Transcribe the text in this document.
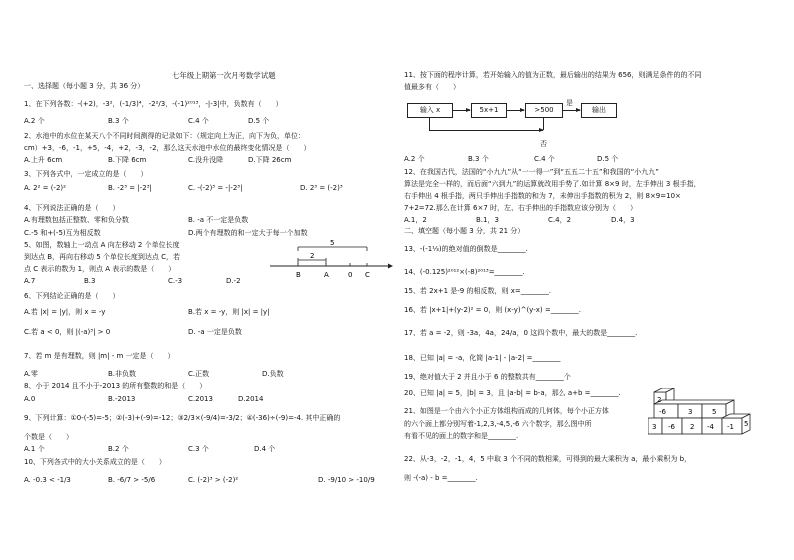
七年级上期第一次月考数学试题
一、选择题（每小题 3 分，共 36 分）
1、在下列各数：-(+2)，-3²，(-1/3)⁴，-2²/3，-(-1)²⁰¹³，-|-3|中，负数有（　　）
A.2 个	B.3 个	C.4 个	D.5 个
2、水池中的水位在某天八个不同时间测得的记录如下：（规定向上为正，向下为负，单位：
cm）+3，-6，-1，+5，-4，+2，-3，-2，那么这天水池中水位的最终变化情况是（　　）
A.上升 6cm	B.下降 6cm	C.没升没降	D.下降 26cm
3、下列各式中，一定成立的是（　　）
A. 2² = (-2)²	B. -2³ = |-2³|	C. -(-2)³ = -|-2³|	D. 2³ = (-2)³
4、下列说法正确的是（　　）
A.有理数包括正整数、零和负分数	B. -a 不一定是负数
C.-5 和+(-5)互为相反数	D.两个有理数的和一定大于每一个加数
5、如图，数轴上一动点 A 向左移动 2 个单位长度
到达点 B，再向右移动 5 个单位长度到达点 C，若
点 C 表示的数为 1，则点 A 表示的数是（　　）
A.7	B.3	C.-3	D.-2
5
2
B	A	0 C
6、下列结论正确的是（　　）
A.若 |x| = |y|，则 x = -y	B.若 x = -y，则 |x| = |y|
C.若 a < 0，则 |(-a)³| > 0	D. -a 一定是负数
7、若 m 是有理数，则 |m| - m 一定是（　　）
A.零	B.非负数	C.正数	D.负数
8、小于 2014 且不小于-2013 的所有整数的和是（　　）
A.0	B.-2013	C.2013	D.2014
9、下列计算：①0-(-5)=-5；②(-3)+(-9)=-12；③2/3×(-9/4)=-3/2；④(-36)÷(-9)=-4. 其中正确的
个数是（　　）
A.1 个	B.2 个	C.3 个	D.4 个
10、下列各式中的大小关系成立的是（　　）
A. -0.3 < -1/3	B. -6/7 > -5/6	C. (-2)³ > (-2)²	D. -9/10 > -10/9
11、按下面的程序计算，若开始输入的值为正数，最后输出的结果为 656，则满足条件的的不同
值最多有（　　）
输入 x	5x+1	>500
是
输出
否
A.2 个	B.3 个	C.4 个	D.5 个
12、在我国古代，法国的“小九九”从“一一得一”到“五五二十五”和我国的“小九九”
算法是完全一样的，而后面“六到九”的运算就改用手势了.如计算 8×9 时，左手伸出 3 根手指，
右手伸出 4 根手指，两只手伸出手指数的和为 7，未伸出手指数的积为 2，则 8×9=10×
7+2=72.那么在计算 6×7 时，左、右手伸出的手指数应该分别为（　　）
A.1，2	B.1，3	C.4，2	D.4，3
二、填空题（每小题 3 分，共 21 分）
13、-(-1⅓)的绝对值的倒数是________.
14、(-0.125)²⁰¹²×(-8)²⁰¹³=________.
15、若 2x+1 是-9 的相反数，则 x=________.
16、若 |x+1|+(y-2)² = 0，则 (x-y)^(y-x) =________.
17、若 a = -2，则 -3a，4a，24/a，0 这四个数中，最大的数是________.
18、已知 |a| = -a，化简 |a-1| - |a-2| =________
19、绝对值大于 2 并且小于 6 的整数共有________个
20、已知 |a| = 5，|b| = 3，且 |a-b| = b-a，那么 a+b =________.
21、如图是一个由六个小正方体组构而成的几何体，每个小正方体
的六个面上都分别写着-1,2,3,-4,5,-6 六个数字，那么图中所
有看不见的面上的数字和是________.
2
-6	3	5
3 -6 2 -4 -1 5
22、从-3，-2，-1，4，5 中取 3 个不同的数相乘，可得到的最大乘积为 a，最小乘积为 b，
则 -(-a) - b =________.
